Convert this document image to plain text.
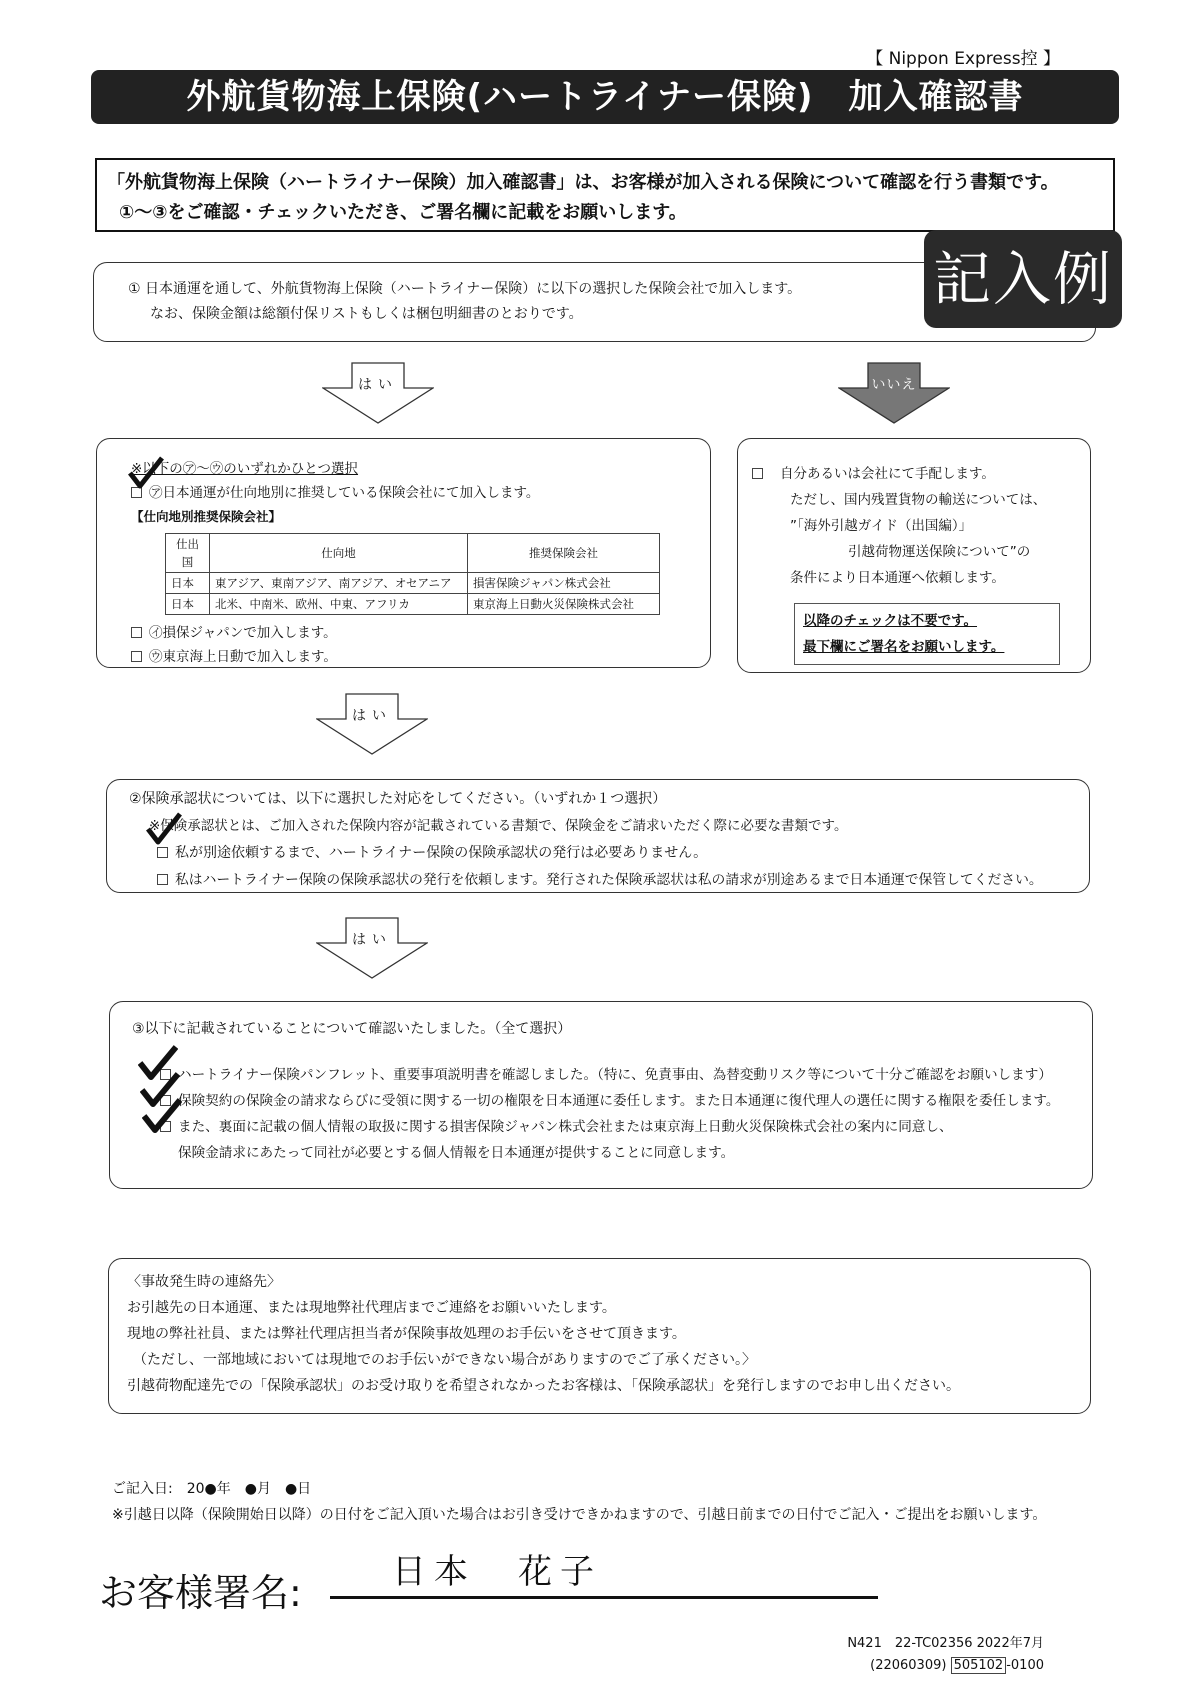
【 Nippon Express控 】
外航貨物海上保険(ハートライナー保険)　加入確認書
「外航貨物海上保険（ハートライナー保険）加入確認書」は、お客様が加入される保険について確認を行う書類です。
①～③をご確認・チェックいただき、ご署名欄に記載をお願いします。
① 日本通運を通して、外航貨物海上保険（ハートライナー保険）に以下の選択した保険会社で加入します。
なお、保険金額は総額付保リストもしくは梱包明細書のとおりです。
記入例
はい	いいえ
※以下の㋐～㋒のいずれかひとつ選択
㋐日本通運が仕向地別に推奨している保険会社にて加入します。
【仕向地別推奨保険会社】
仕出国	仕向地	推奨保険会社
日本	東アジア、東南アジア、南アジア、オセアニア	損害保険ジャパン株式会社
日本	北米、中南米、欧州、中東、アフリカ	東京海上日動火災保険株式会社
㋑損保ジャパンで加入します。
㋒東京海上日動で加入します。
自分あるいは会社にて手配します。
ただし、国内残置貨物の輸送については、
”「海外引越ガイド（出国編）」
引越荷物運送保険について”の
条件により日本通運へ依頼します。
以降のチェックは不要です。
最下欄にご署名をお願いします。
はい
②保険承認状については、以下に選択した対応をしてください。（いずれか１つ選択）
※保険承認状とは、ご加入された保険内容が記載されている書類で、保険金をご請求いただく際に必要な書類です。
私が別途依頼するまで、ハートライナー保険の保険承認状の発行は必要ありません。
私はハートライナー保険の保険承認状の発行を依頼します。発行された保険承認状は私の請求が別途あるまで日本通運で保管してください。
はい
③以下に記載されていることについて確認いたしました。（全て選択）
ハートライナー保険パンフレット、重要事項説明書を確認しました。（特に、免責事由、為替変動リスク等について十分ご確認をお願いします）
保険契約の保険金の請求ならびに受領に関する一切の権限を日本通運に委任します。また日本通運に復代理人の選任に関する権限を委任します。
また、裏面に記載の個人情報の取扱に関する損害保険ジャパン株式会社または東京海上日動火災保険株式会社の案内に同意し、
保険金請求にあたって同社が必要とする個人情報を日本通運が提供することに同意します。
〈事故発生時の連絡先〉
お引越先の日本通運、または現地弊社代理店までご連絡をお願いいたします。
現地の弊社社員、または弊社代理店担当者が保険事故処理のお手伝いをさせて頂きます。
（ただし、一部地域においては現地でのお手伝いができない場合がありますのでご了承ください。〉
引越荷物配達先での「保険承認状」のお受け取りを希望されなかったお客様は、「保険承認状」を発行しますのでお申し出ください。
ご記入日:　20●年　●月　●日
※引越日以降（保険開始日以降）の日付をご記入頂いた場合はお引き受けできかねますので、引越日前までの日付でご記入・ご提出をお願いします。
お客様署名:	日本　花子
N421　22-TC02356 2022年7月
(22060309) 505102 -0100
